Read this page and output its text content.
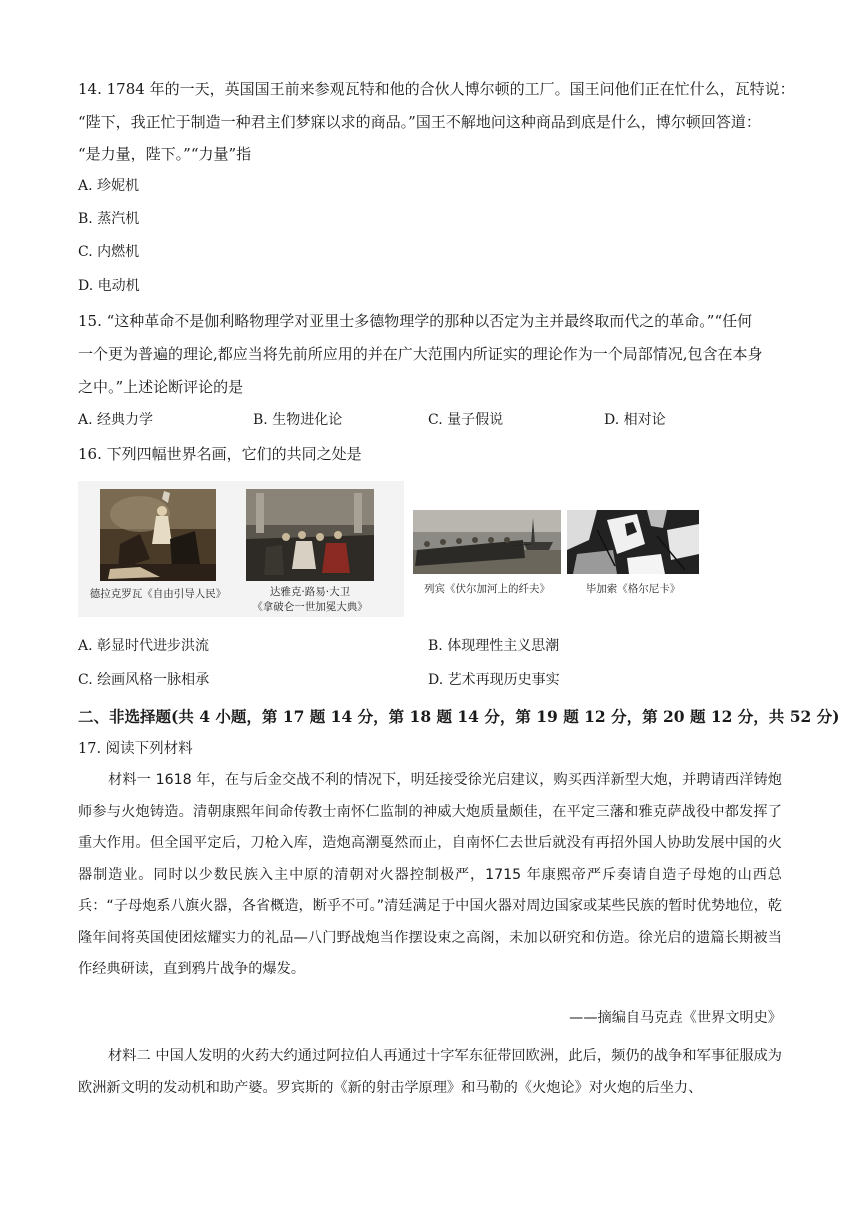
14. 1784 年的一天，英国国王前来参观瓦特和他的合伙人博尔顿的工厂。国王问他们正在忙什么，瓦特说：
“陛下，我正忙于制造一种君主们梦寐以求的商品。”国王不解地问这种商品到底是什么，博尔顿回答道：
“是力量，陛下。”“力量”指
A. 珍妮机
B. 蒸汽机
C. 内燃机
D. 电动机
15. “这种革命不是伽利略物理学对亚里士多德物理学的那种以否定为主并最终取而代之的革命。”“任何
一个更为普遍的理论,都应当将先前所应用的并在广大范围内所证实的理论作为一个局部情况,包含在本身
之中。”上述论断评论的是
A. 经典力学	B. 生物进化论	C. 量子假说	D. 相对论
16. 下列四幅世界名画，它们的共同之处是
德拉克罗瓦《自由引导人民》	达雅克·路易·大卫
《拿破仑一世加冕大典》
列宾《伏尔加河上的纤夫》	毕加索《格尔尼卡》
A. 彰显时代进步洪流	B. 体现理性主义思潮
C. 绘画风格一脉相承	D. 艺术再现历史事实
二、非选择题(共 4 小题，第 17 题 14 分，第 18 题 14 分，第 19 题 12 分，第 20 题 12 分，共 52 分)
17. 阅读下列材料
材料一 1618 年，在与后金交战不利的情况下，明廷接受徐光启建议，购买西洋新型大炮，并聘请西洋铸炮师参与火炮铸造。清朝康熙年间命传教士南怀仁监制的神威大炮质量颇佳，在平定三藩和雅克萨战役中都发挥了重大作用。但全国平定后，刀枪入库，造炮高潮戛然而止，自南怀仁去世后就没有再招外国人协助发展中国的火器制造业。同时以少数民族入主中原的清朝对火器控制极严，1715 年康熙帝严斥奏请自造子母炮的山西总兵：“子母炮系八旗火器，各省概造，断乎不可。”清廷满足于中国火器对周边国家或某些民族的暂时优势地位，乾隆年间将英国使团炫耀实力的礼品—八门野战炮当作摆设束之高阁，未加以研究和仿造。徐光启的遗篇长期被当作经典研读，直到鸦片战争的爆发。
——摘编自马克垚《世界文明史》
材料二 中国人发明的火药大约通过阿拉伯人再通过十字军东征带回欧洲，此后，频仍的战争和军事征服成为欧洲新文明的发动机和助产婆。罗宾斯的《新的射击学原理》和马勒的《火炮论》对火炮的后坐力、
